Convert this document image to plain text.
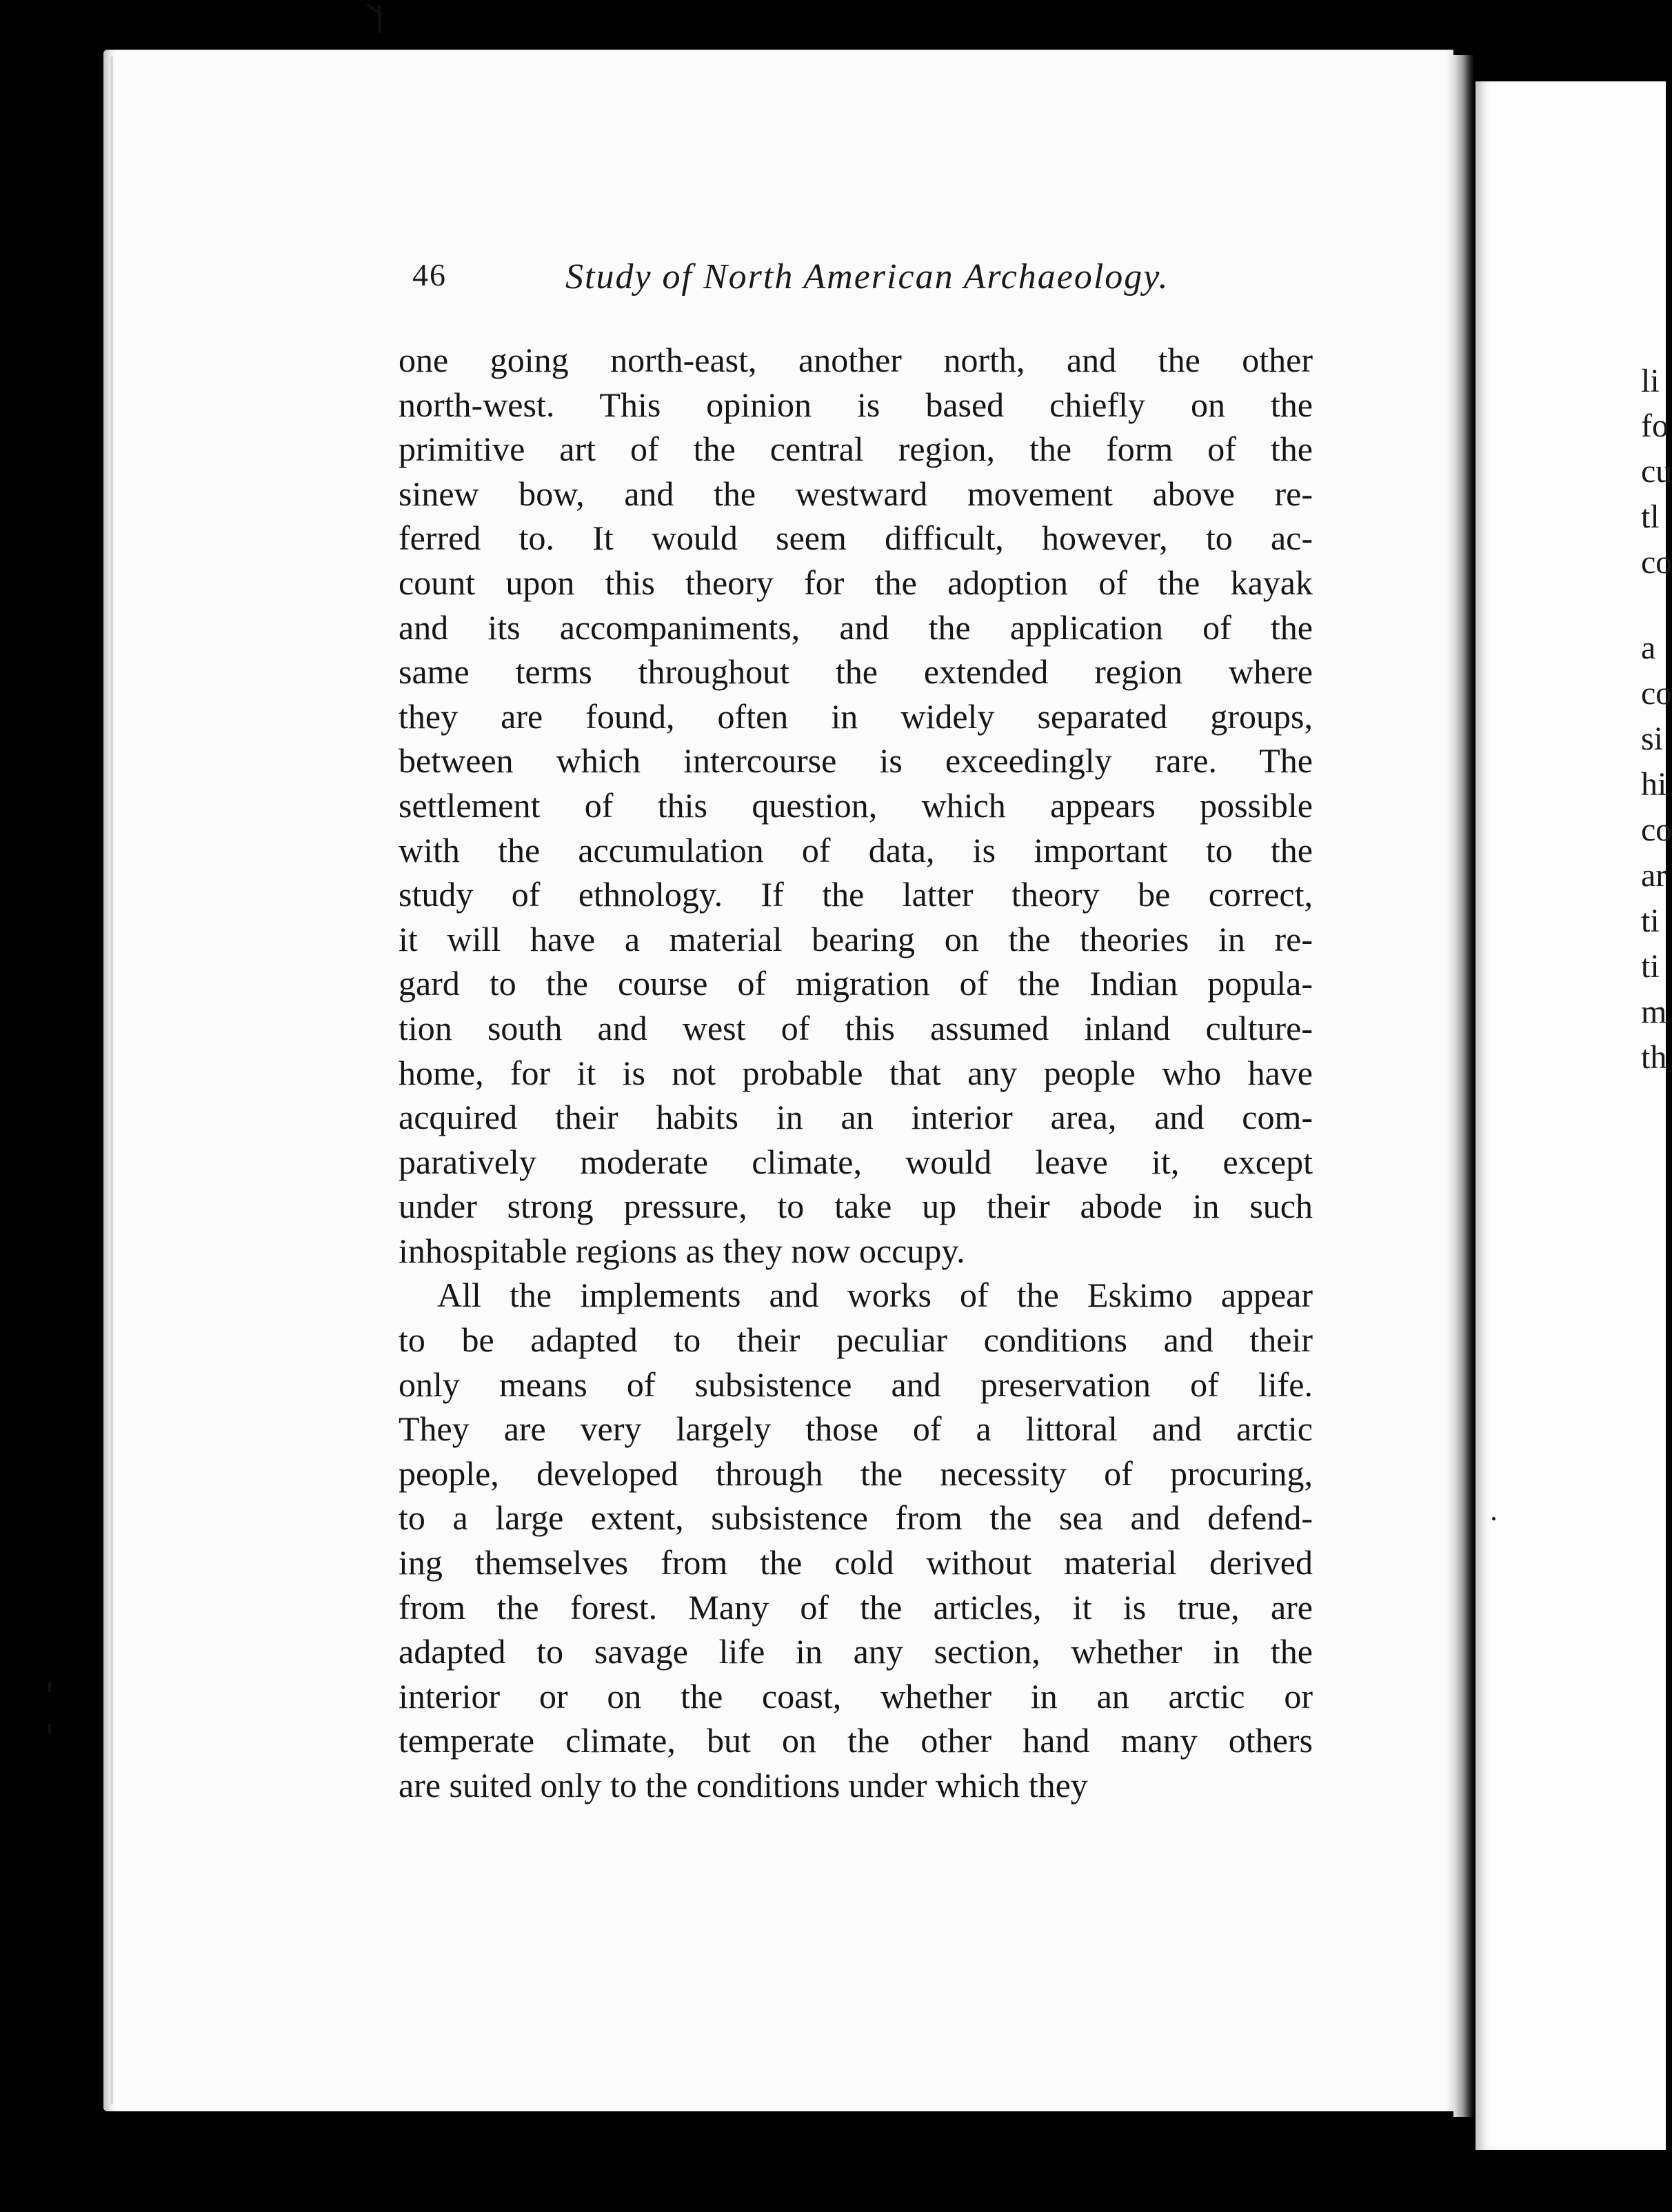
46	Study of North American Archaeology.
one going north-east, another north, and the other
north-west. This opinion is based chiefly on the
primitive art of the central region, the form of the
sinew bow, and the westward movement above re-
ferred to. It would seem difficult, however, to ac-
count upon this theory for the adoption of the kayak
and its accompaniments, and the application of the
same terms throughout the extended region where
they are found, often in widely separated groups,
between which intercourse is exceedingly rare. The
settlement of this question, which appears possible
with the accumulation of data, is important to the
study of ethnology. If the latter theory be correct,
it will have a material bearing on the theories in re-
gard to the course of migration of the Indian popula-
tion south and west of this assumed inland culture-
home, for it is not probable that any people who have
acquired their habits in an interior area, and com-
paratively moderate climate, would leave it, except
under strong pressure, to take up their abode in such
inhospitable regions as they now occupy.
All the implements and works of the Eskimo appear
to be adapted to their peculiar conditions and their
only means of subsistence and preservation of life.
They are very largely those of a littoral and arctic
people, developed through the necessity of procuring,
to a large extent, subsistence from the sea and defend-
ing themselves from the cold without material derived
from the forest. Many of the articles, it is true, are
adapted to savage life in any section, whether in the
interior or on the coast, whether in an arctic or
temperate climate, but on the other hand many others
are suited only to the conditions under which they
li
fo
cu
tl
co
a
co
si
hi
co
ar
ti
ti
m
th
